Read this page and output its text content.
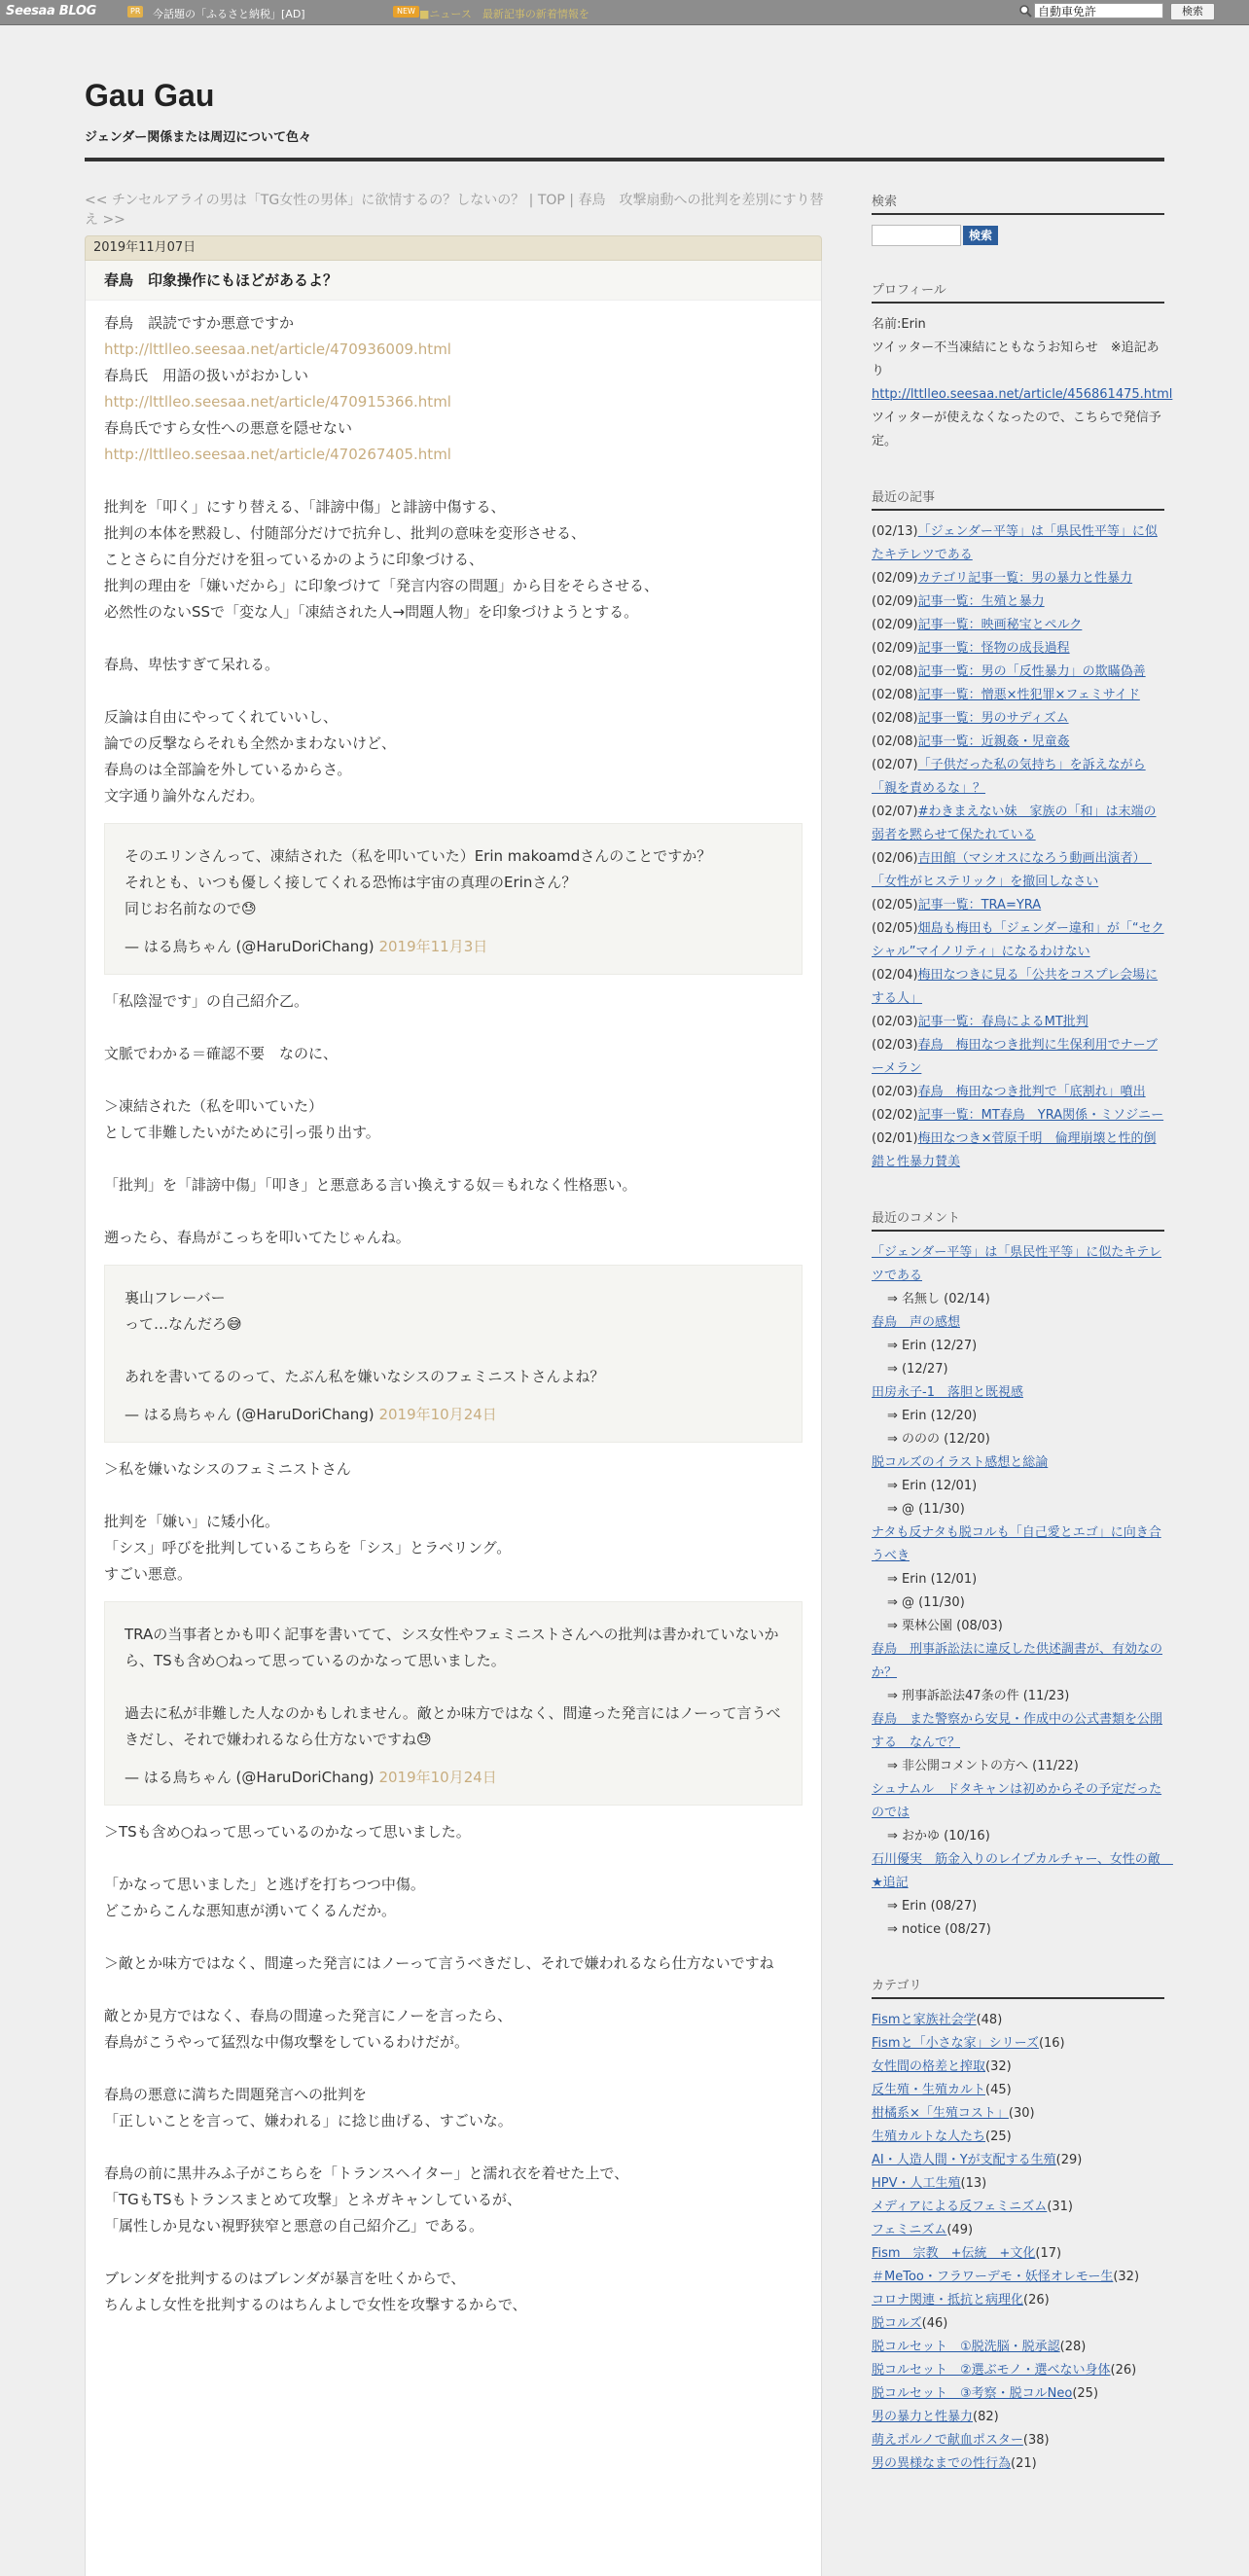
Seesaa BLOG	PR 今話題の「ふるさと納税」[AD]	NEW ■ニュース　最新記事の新着情報を	自動車免許	検索
Gau Gau
ジェンダー関係または周辺について色々
<< チンセルアライの男は「TG女性の男体」に欲情するの？しないの？ | TOP | 春鳥　攻撃扇動への批判を差別にすり替え >>
2019年11月07日
春鳥　印象操作にもほどがあるよ？

春鳥　誤読ですか悪意ですか

http://lttlleo.seesaa.net/article/470936009.html

春鳥氏　用語の扱いがおかしい

http://lttlleo.seesaa.net/article/470915366.html

春鳥氏ですら女性への悪意を隠せない

http://lttlleo.seesaa.net/article/470267405.html

批判を「叩く」にすり替える、「誹謗中傷」と誹謗中傷する、

批判の本体を黙殺し、付随部分だけで抗弁し、批判の意味を変形させる、

ことさらに自分だけを狙っているかのように印象づける、

批判の理由を「嫌いだから」に印象づけて「発言内容の問題」から目をそらさせる、

必然性のないSSで「変な人」「凍結された人→問題人物」を印象づけようとする。

春鳥、卑怯すぎて呆れる。

反論は自由にやってくれていいし、

論での反撃ならそれも全然かまわないけど、

春鳥のは全部論を外しているからさ。

文字通り論外なんだわ。

そのエリンさんって、凍結された（私を叩いていた）Erin makoamdさんのことですか？

それとも、いつも優しく接してくれる恐怖は宇宙の真理のErinさん？

同じお名前なので😓

— はる鳥ちゃん (@HaruDoriChang) 2019年11月3日

「私陰湿です」の自己紹介乙。

文脈でわかる＝確認不要　なのに、

＞凍結された（私を叩いていた）

として非難したいがために引っ張り出す。

「批判」を「誹謗中傷」「叩き」と悪意ある言い換えする奴＝もれなく性格悪い。

遡ったら、春鳥がこっちを叩いてたじゃんね。

裏山フレーバー

って…なんだろ😅

あれを書いてるのって、たぶん私を嫌いなシスのフェミニストさんよね？

— はる鳥ちゃん (@HaruDoriChang) 2019年10月24日

＞私を嫌いなシスのフェミニストさん

批判を「嫌い」に矮小化。

「シス」呼びを批判しているこちらを「シス」とラベリング。

すごい悪意。

TRAの当事者とかも叩く記事を書いてて、シス女性やフェミニストさんへの批判は書かれていないから、TSも含め○ねって思っているのかなって思いました。

過去に私が非難した人なのかもしれません。敵とか味方ではなく、間違った発言にはノーって言うべきだし、それで嫌われるなら仕方ないですね😓

— はる鳥ちゃん (@HaruDoriChang) 2019年10月24日

＞TSも含め○ねって思っているのかなって思いました。

「かなって思いました」と逃げを打ちつつ中傷。

どこからこんな悪知恵が湧いてくるんだか。

＞敵とか味方ではなく、間違った発言にはノーって言うべきだし、それで嫌われるなら仕方ないですね

敵とか見方ではなく、春鳥の間違った発言にノーを言ったら、

春鳥がこうやって猛烈な中傷攻撃をしているわけだが。

春鳥の悪意に満ちた問題発言への批判を

「正しいことを言って、嫌われる」に捻じ曲げる、すごいな。

春鳥の前に黒井みふ子がこちらを「トランスヘイター」と濡れ衣を着せた上で、

「TGもTSもトランスまとめて攻撃」とネガキャンしているが、

「属性しか見ない視野狭窄と悪意の自己紹介乙」である。

ブレンダを批判するのはブレンダが暴言を吐くからで、

ちんよし女性を批判するのはちんよしで女性を攻撃するからで、

検索
検索
プロフィール
名前:Erin
ツイッター不当凍結にともなうお知らせ　※追記あり
http://lttlleo.seesaa.net/article/456861475.html
ツイッターが使えなくなったので、こちらで発信予定。
最近の記事
(02/13)「ジェンダー平等」は「県民性平等」に似たキテレツである
(02/09)カテゴリ記事一覧：男の暴力と性暴力
(02/09)記事一覧：生殖と暴力
(02/09)記事一覧：映画秘宝とペルク
(02/09)記事一覧：怪物の成長過程
(02/08)記事一覧：男の「反性暴力」の欺瞞偽善
(02/08)記事一覧：憎悪×性犯罪×フェミサイド
(02/08)記事一覧：男のサディズム
(02/08)記事一覧：近親姦・児童姦
(02/07)「子供だった私の気持ち」を訴えながら「親を責めるな」？
(02/07)#わきまえない妹　家族の「和」は末端の弱者を黙らせて保たれている
(02/06)吉田館（マシオスになろう動画出演者）　「女性がヒステリック」を撤回しなさい
(02/05)記事一覧：TRA=YRA
(02/05)畑島も梅田も「ジェンダー違和」が「“セクシャル”マイノリティ」になるわけない
(02/04)梅田なつきに見る「公共をコスプレ会場にする人」
(02/03)記事一覧：春鳥によるMT批判
(02/03)春鳥　梅田なつき批判に生保利用でナーブーメラン
(02/03)春鳥　梅田なつき批判で「底割れ」噴出
(02/02)記事一覧：MT春鳥　YRA関係・ミソジニー
(02/01)梅田なつき×菅原千明　倫理崩壊と性的倒錯と性暴力賛美
最近のコメント
「ジェンダー平等」は「県民性平等」に似たキテレツである
⇒ 名無し (02/14)
春鳥　声の感想
⇒ Erin (12/27)
⇒ (12/27)
田房永子-1　落胆と既視感
⇒ Erin (12/20)
⇒ ののの (12/20)
脱コルズのイラスト感想と総論
⇒ Erin (12/01)
⇒ @ (11/30)
ナタも反ナタも脱コルも「自己愛とエゴ」に向き合うべき
⇒ Erin (12/01)
⇒ @ (11/30)
⇒ 栗林公園 (08/03)
春鳥　刑事訴訟法に違反した供述調書が、有効なのか？
⇒ 刑事訴訟法47条の件 (11/23)
春鳥　また警察から安見・作成中の公式書類を公開する　なんで？
⇒ 非公開コメントの方へ (11/22)
シュナムル　ドタキャンは初めからその予定だったのでは
⇒ おかゆ (10/16)
石川優実　筋金入りのレイプカルチャー、女性の敵　★追記
⇒ Erin (08/27)
⇒ notice (08/27)
カテゴリ
Fismと家族社会学(48)
Fismと「小さな家」シリーズ(16)
女性間の格差と搾取(32)
反生殖・生殖カルト(45)
柑橘系×「生殖コスト」(30)
生殖カルトな人たち(25)
AI・人造人間・Yが支配する生殖(29)
HPV・人工生殖(13)
メディアによる反フェミニズム(31)
フェミニズム(49)
Fism　宗教　+伝統　+文化(17)
＃MeToo・フラワーデモ・妖怪オレモー生(32)
コロナ関連・抵抗と病理化(26)
脱コルズ(46)
脱コルセット　①脱洗脳・脱承認(28)
脱コルセット　②選ぶモノ・選べない身体(26)
脱コルセット　③考察・脱コルNeo(25)
男の暴力と性暴力(82)
萌えポルノで献血ポスター(38)
男の異様なまでの性行為(21)
